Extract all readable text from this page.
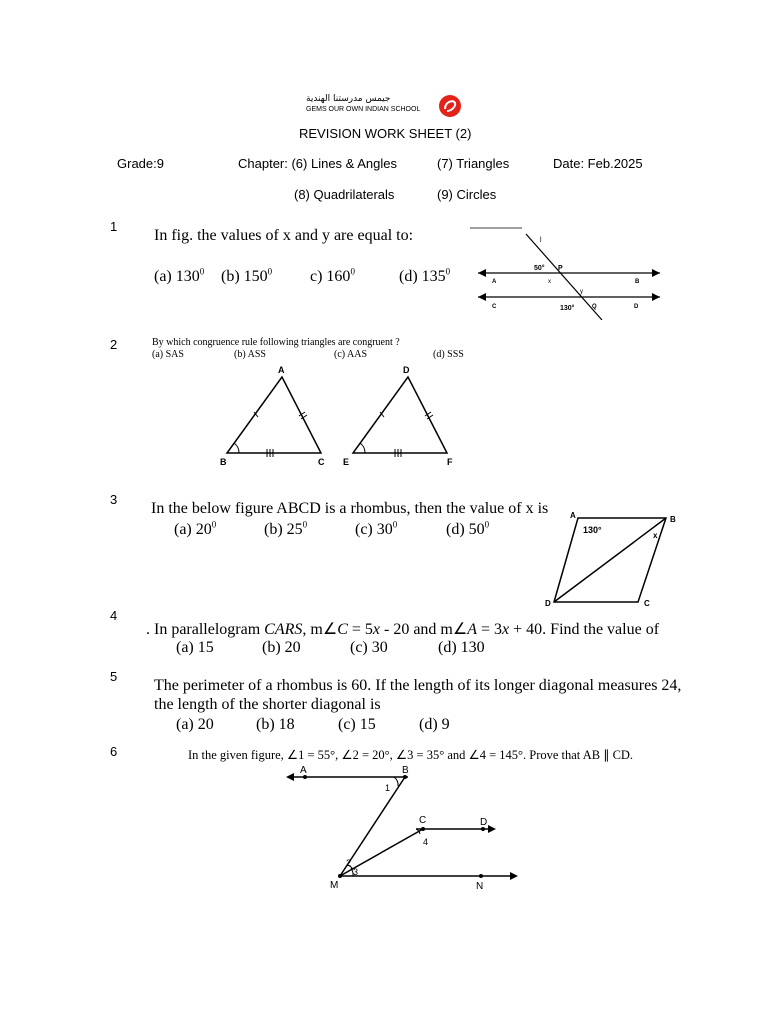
جيمس مدرستنا الهندية
GEMS OUR OWN INDIAN SCHOOL
REVISION WORK SHEET (2)
Grade:9	Chapter: (6) Lines & Angles	(7) Triangles	Date: Feb.2025
(8) Quadrilaterals	(9) Circles
1
In fig. the values of x and y are equal to:
(a) $130^0$ (b) $150^0$ c) $160^0$	(d) $135^0$
l
50° P
A	x	B
y
C	130°	Q	D
2	By which congruence rule following triangles are congruent ?
(a) SAS	(b) ASS	(c) AAS	(d) SSS
A
B	C
D
E	F
3
In the below figure ABCD is a rhombus, then the value of x is
(a) $20^0$	(b) $25^0$	(c) $30^0$	(d) $50^0$
A	B
C
D
130°
x
4
. In parallelogram CARS, m∠C = 5x - 20 and m∠A = 3x + 40. Find the value of
(a) 15	(b) 20	(c) 30	(d) 130
5
The perimeter of a rhombus is 60. If the length of its longer diagonal measures 24,
the length of the shorter diagonal is
(a) 20	(b) 18	(c) 15	(d) 9
6	In the given figure, ∠1 = 55°, ∠2 = 20°, ∠3 = 35° and ∠4 = 145°. Prove that AB ∥ CD.
A	B
C	D
M	N
1
2
3
4
